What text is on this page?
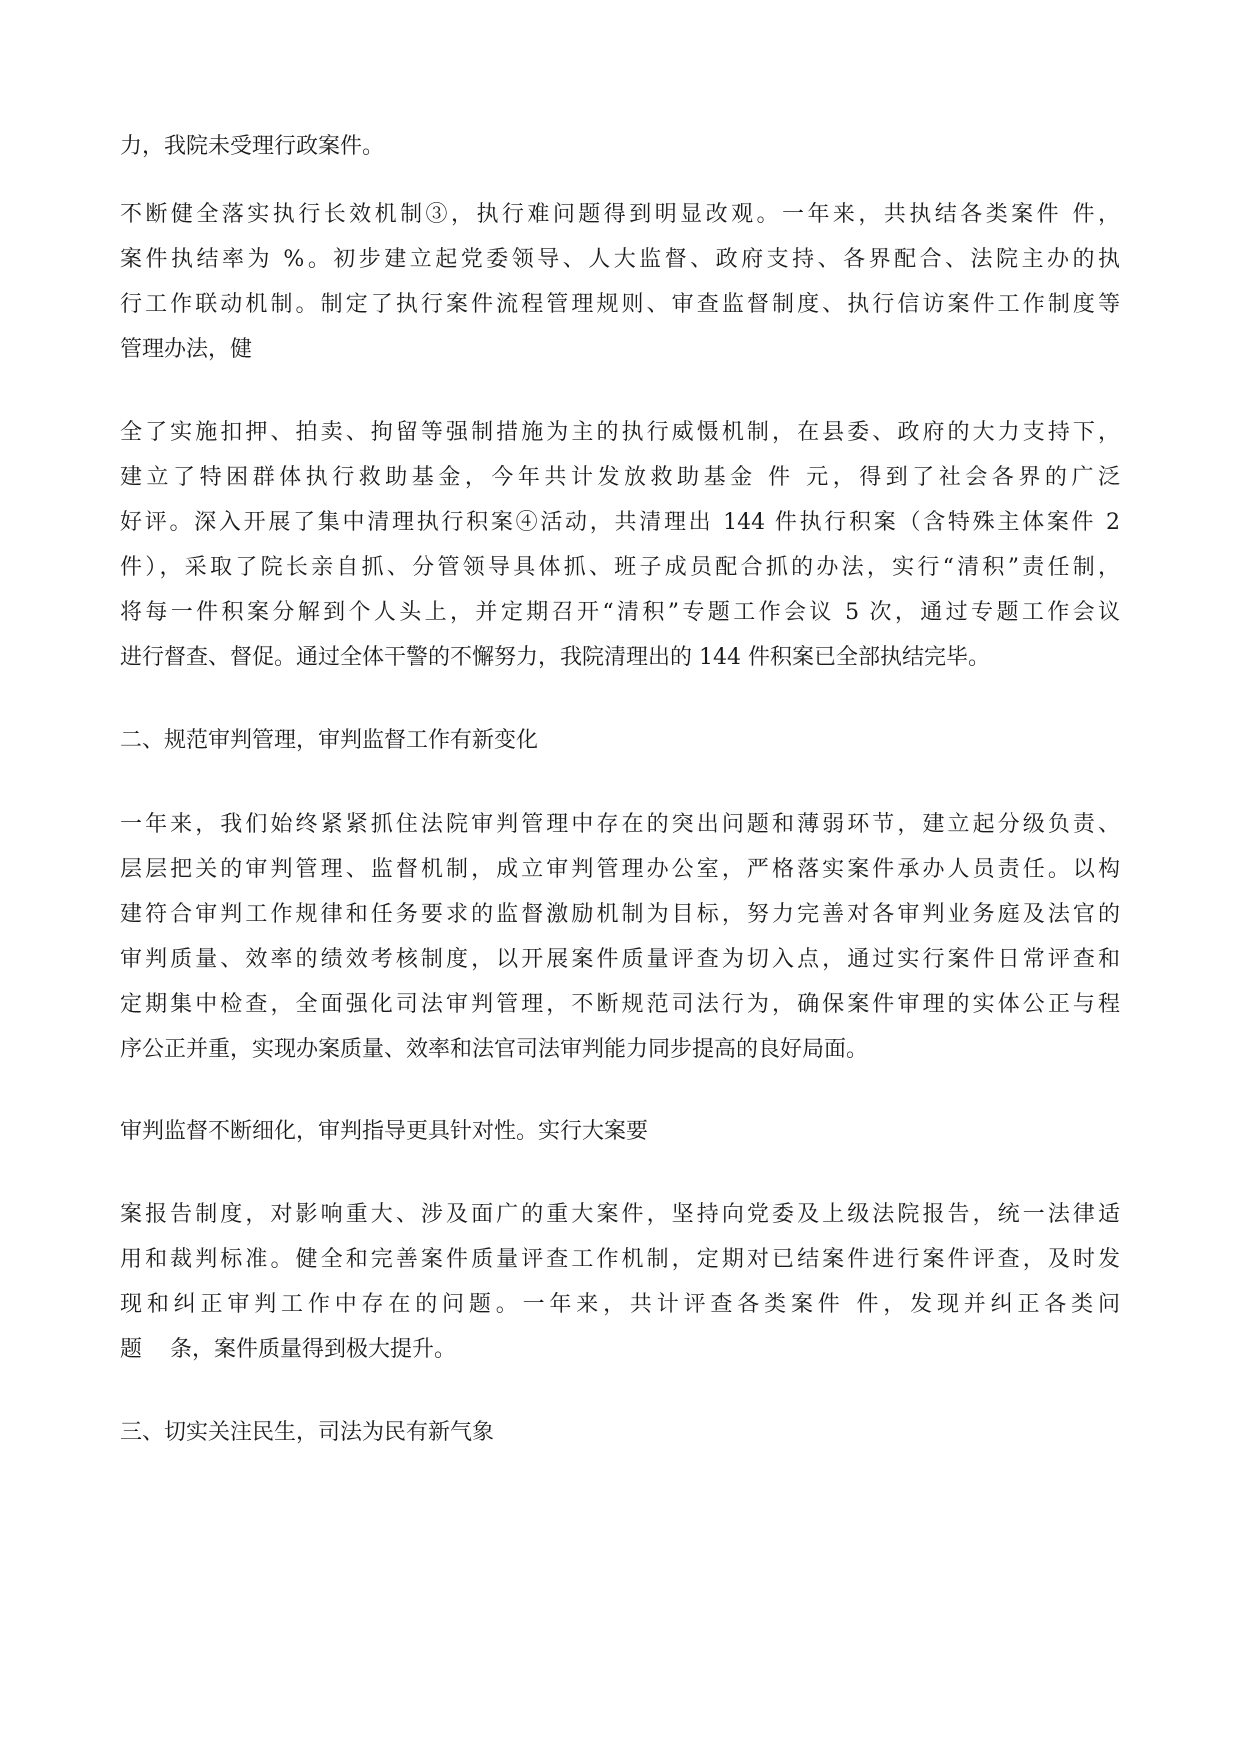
力，我院未受理行政案件。
不断健全落实执行长效机制③，执行难问题得到明显改观。一年来，共执结各类案件 件，
案件执结率为 %。初步建立起党委领导、人大监督、政府支持、各界配合、法院主办的执
行工作联动机制。制定了执行案件流程管理规则、审查监督制度、执行信访案件工作制度等
管理办法，健
全了实施扣押、拍卖、拘留等强制措施为主的执行威慑机制，在县委、政府的大力支持下，
建立了特困群体执行救助基金，今年共计发放救助基金 件 元，得到了社会各界的广泛
好评。深入开展了集中清理执行积案④活动，共清理出 144 件执行积案（含特殊主体案件 2
件），采取了院长亲自抓、分管领导具体抓、班子成员配合抓的办法，实行“清积”责任制，
将每一件积案分解到个人头上，并定期召开“清积”专题工作会议 5 次，通过专题工作会议
进行督查、督促。通过全体干警的不懈努力，我院清理出的 144 件积案已全部执结完毕。
二、规范审判管理，审判监督工作有新变化
一年来，我们始终紧紧抓住法院审判管理中存在的突出问题和薄弱环节，建立起分级负责、
层层把关的审判管理、监督机制，成立审判管理办公室，严格落实案件承办人员责任。以构
建符合审判工作规律和任务要求的监督激励机制为目标，努力完善对各审判业务庭及法官的
审判质量、效率的绩效考核制度，以开展案件质量评查为切入点，通过实行案件日常评查和
定期集中检查，全面强化司法审判管理，不断规范司法行为，确保案件审理的实体公正与程
序公正并重，实现办案质量、效率和法官司法审判能力同步提高的良好局面。
审判监督不断细化，审判指导更具针对性。实行大案要
案报告制度，对影响重大、涉及面广的重大案件，坚持向党委及上级法院报告，统一法律适
用和裁判标准。健全和完善案件质量评查工作机制，定期对已结案件进行案件评查，及时发
现和纠正审判工作中存在的问题。一年来，共计评查各类案件 件，发现并纠正各类问
题    条，案件质量得到极大提升。
三、切实关注民生，司法为民有新气象
